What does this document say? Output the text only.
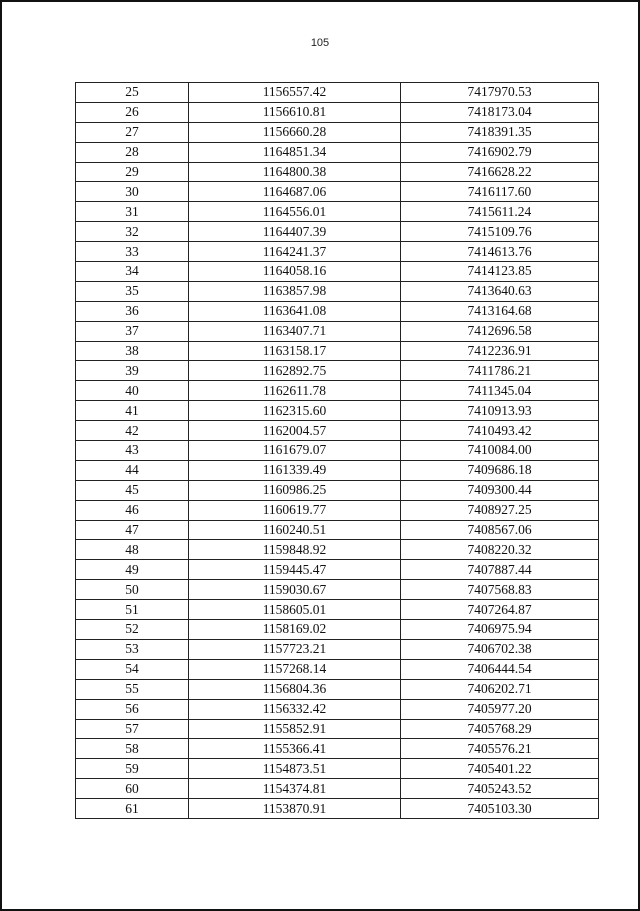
105
25	1156557.42	7417970.53
26	1156610.81	7418173.04
27	1156660.28	7418391.35
28	1164851.34	7416902.79
29	1164800.38	7416628.22
30	1164687.06	7416117.60
31	1164556.01	7415611.24
32	1164407.39	7415109.76
33	1164241.37	7414613.76
34	1164058.16	7414123.85
35	1163857.98	7413640.63
36	1163641.08	7413164.68
37	1163407.71	7412696.58
38	1163158.17	7412236.91
39	1162892.75	7411786.21
40	1162611.78	7411345.04
41	1162315.60	7410913.93
42	1162004.57	7410493.42
43	1161679.07	7410084.00
44	1161339.49	7409686.18
45	1160986.25	7409300.44
46	1160619.77	7408927.25
47	1160240.51	7408567.06
48	1159848.92	7408220.32
49	1159445.47	7407887.44
50	1159030.67	7407568.83
51	1158605.01	7407264.87
52	1158169.02	7406975.94
53	1157723.21	7406702.38
54	1157268.14	7406444.54
55	1156804.36	7406202.71
56	1156332.42	7405977.20
57	1155852.91	7405768.29
58	1155366.41	7405576.21
59	1154873.51	7405401.22
60	1154374.81	7405243.52
61	1153870.91	7405103.30
